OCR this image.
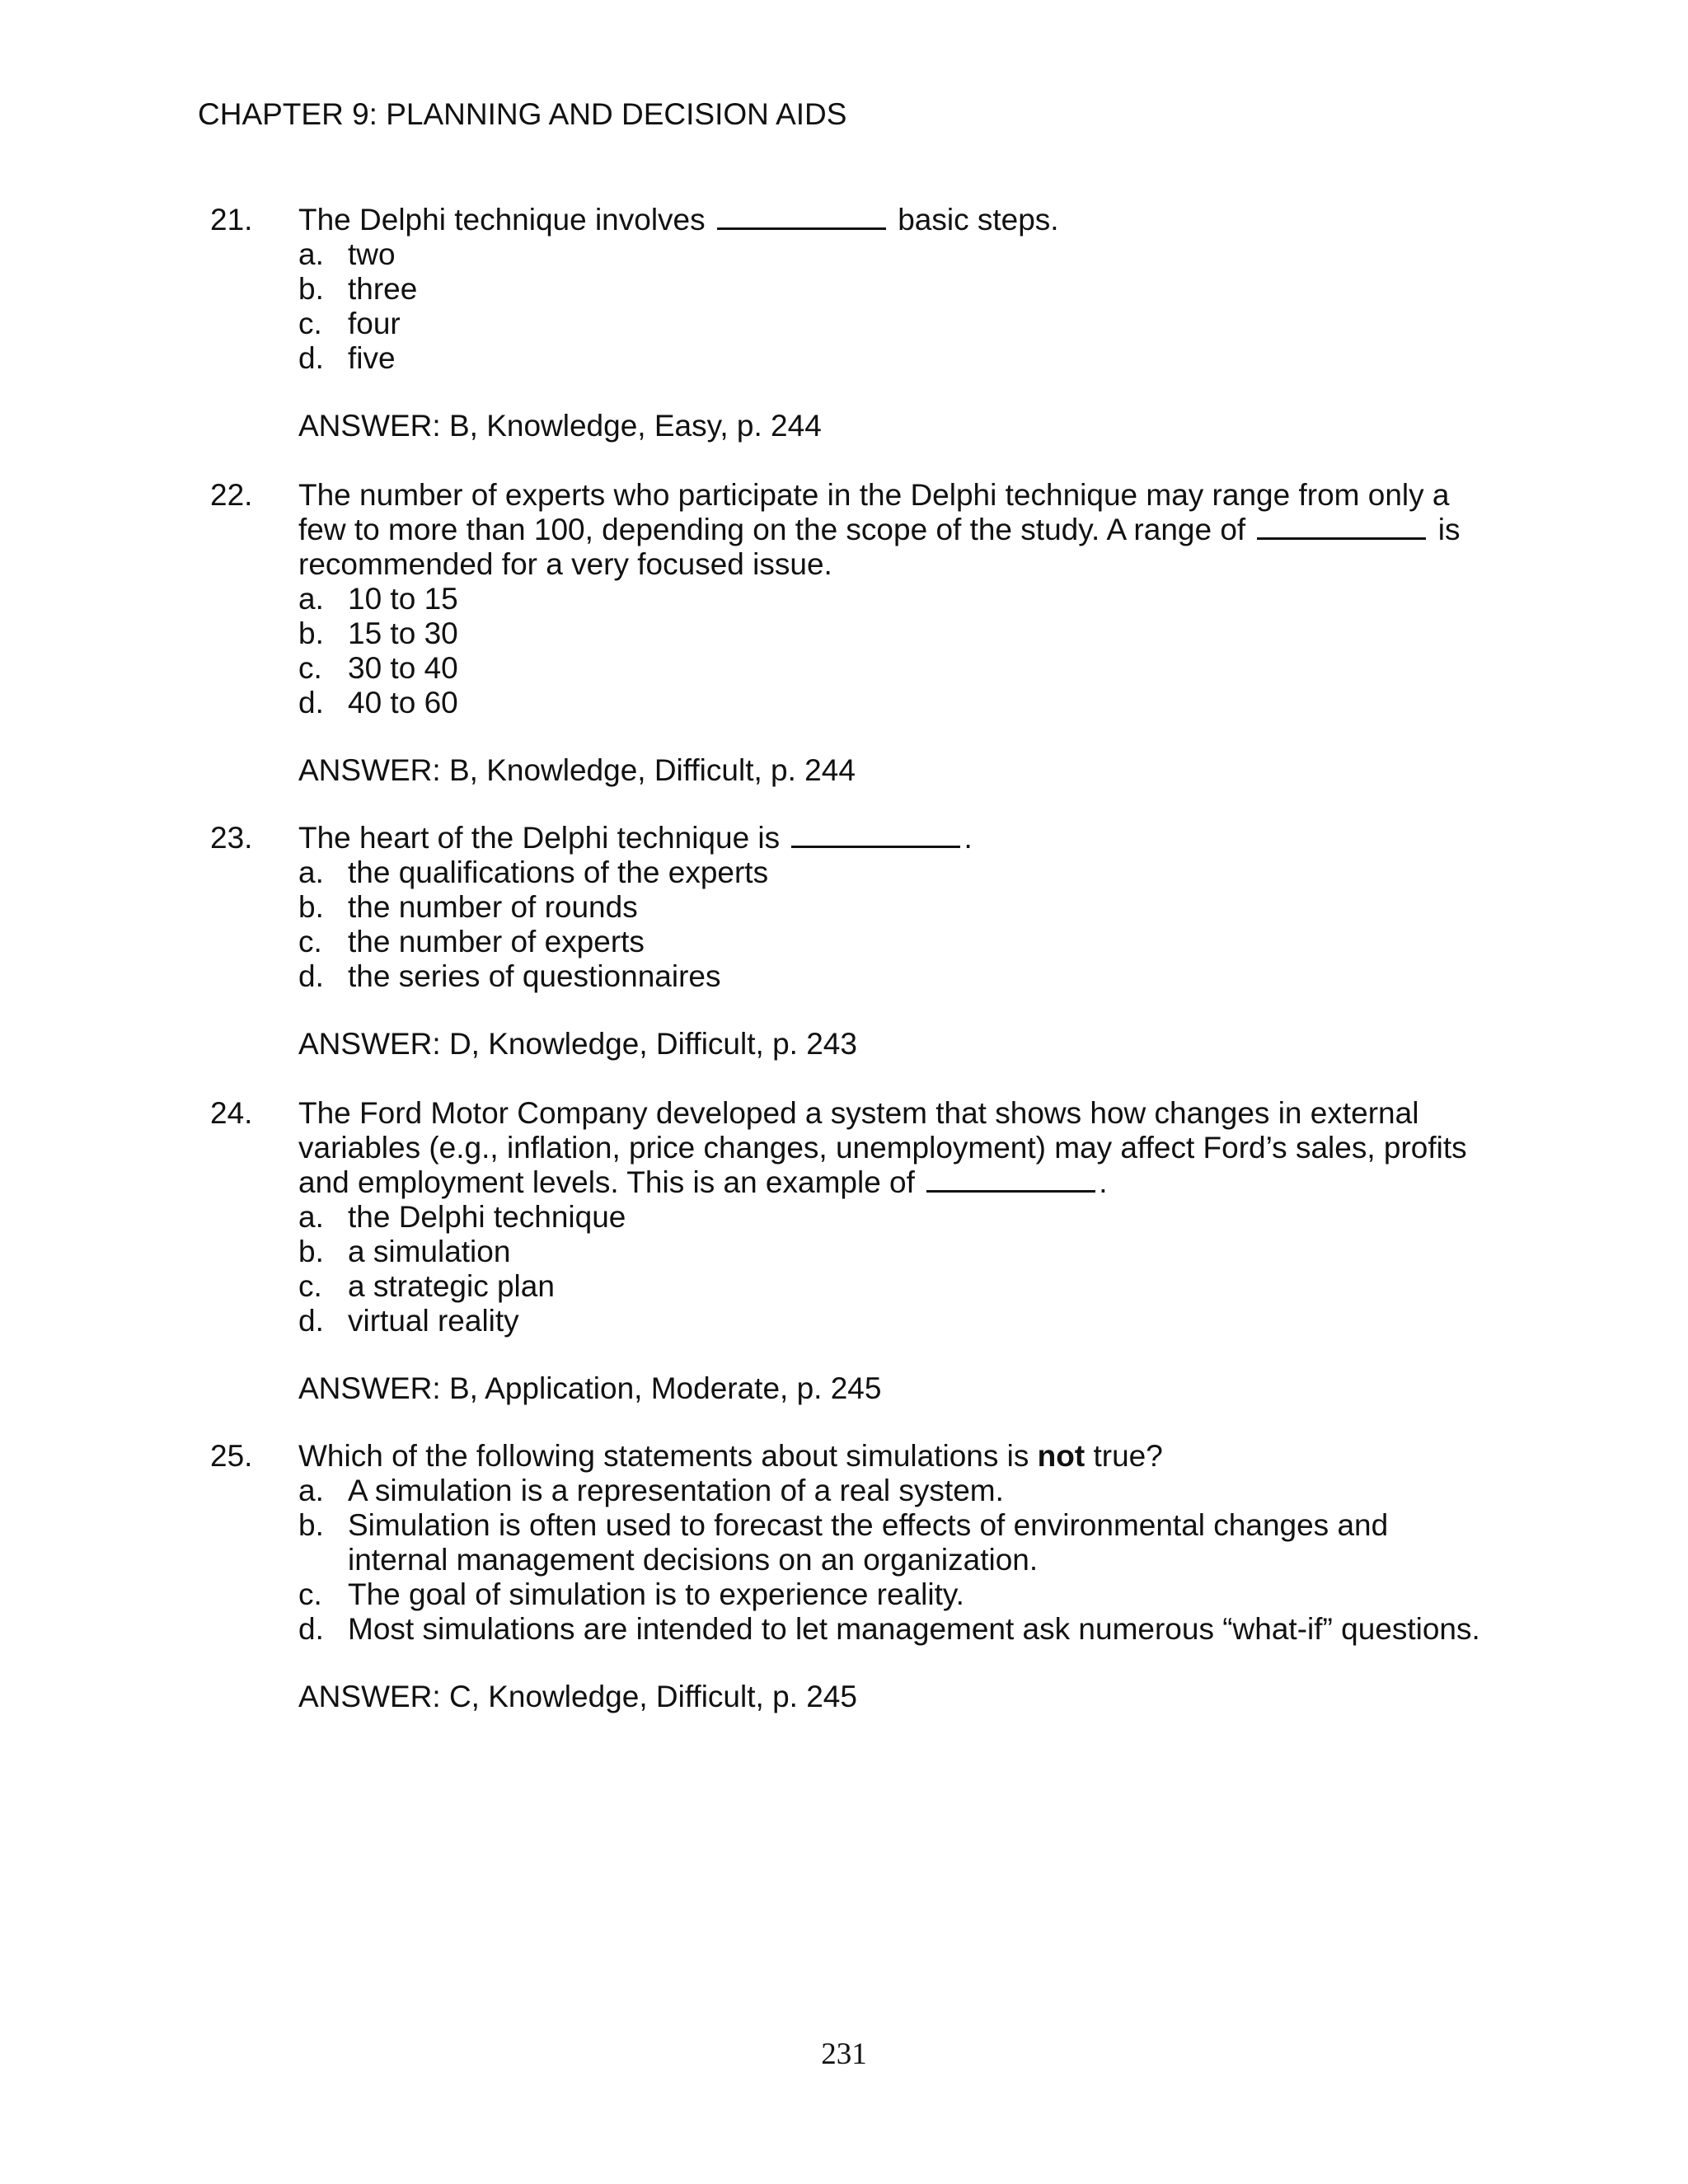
CHAPTER 9: PLANNING AND DECISION AIDS
21. The Delphi technique involves	basic steps.
a. two
b. three
c. four
d. five
ANSWER: B, Knowledge, Easy, p. 244
22. The number of experts who participate in the Delphi technique may range from only a

few to more than 100, depending on the scope of the study. A range of	is

recommended for a very focused issue.

a. 10 to 15
b. 15 to 30
c. 30 to 40
d. 40 to 60
ANSWER: B, Knowledge, Difficult, p. 244
23. The heart of the Delphi technique is	.
a. the qualifications of the experts
b. the number of rounds
c. the number of experts
d. the series of questionnaires
ANSWER: D, Knowledge, Difficult, p. 243
24. The Ford Motor Company developed a system that shows how changes in external

variables (e.g., inflation, price changes, unemployment) may affect Ford’s sales, profits

and employment levels. This is an example of	.

a. the Delphi technique
b. a simulation
c. a strategic plan
d. virtual reality
ANSWER: B, Application, Moderate, p. 245
25. Which of the following statements about simulations is not true?
a. A simulation is a representation of a real system.
b. Simulation is often used to forecast the effects of environmental changes and internal management decisions on an organization.
c. The goal of simulation is to experience reality.
d. Most simulations are intended to let management ask numerous “what-if” questions.
ANSWER: C, Knowledge, Difficult, p. 245
231
